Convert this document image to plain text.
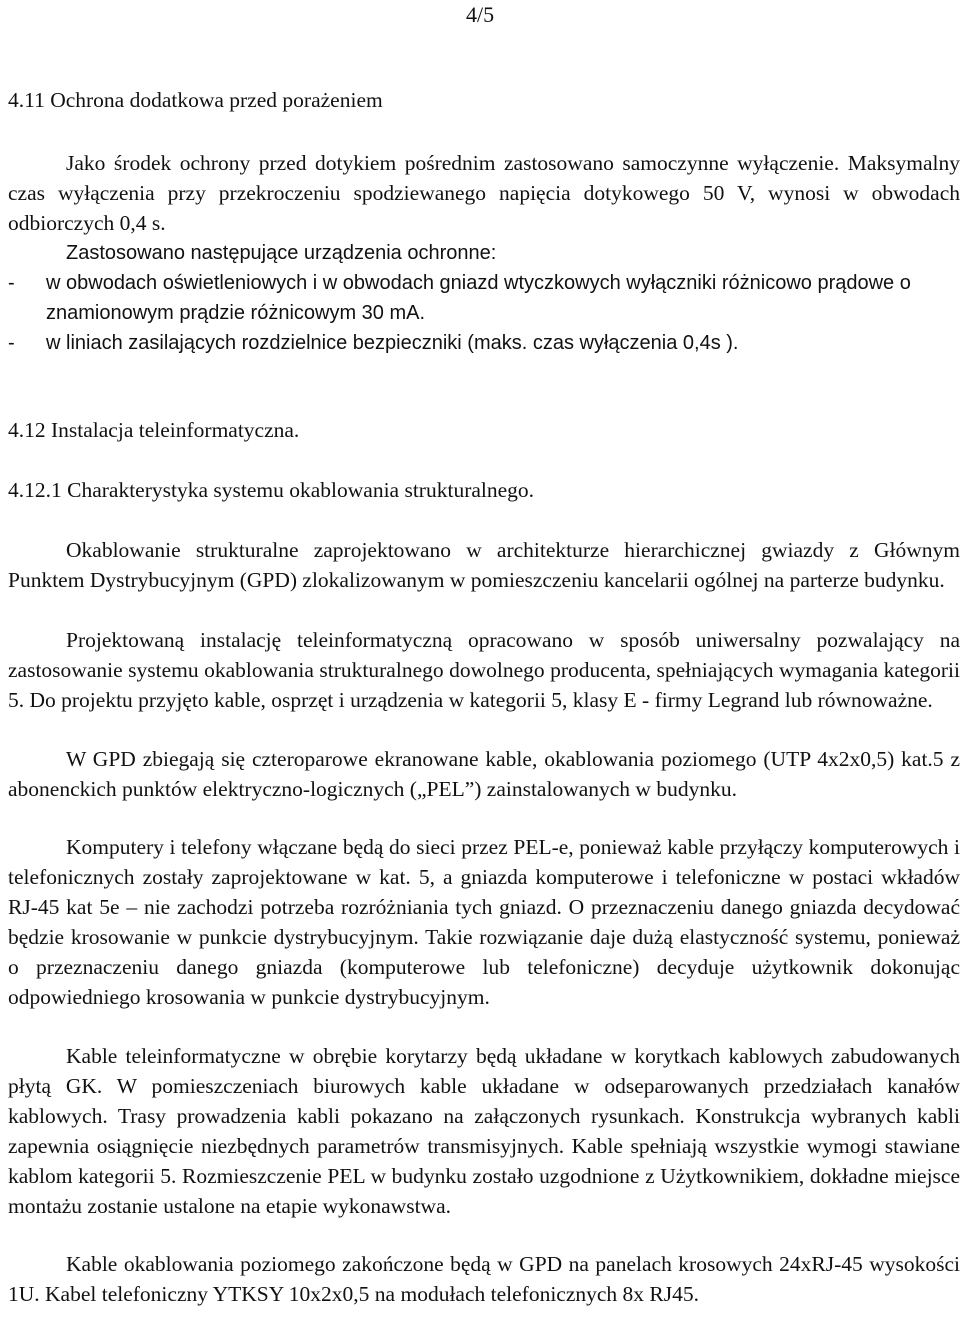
4/5
4.11 Ochrona dodatkowa przed porażeniem
Jako środek ochrony przed dotykiem pośrednim zastosowano samoczynne wyłączenie. Maksymalny czas wyłączenia przy przekroczeniu spodziewanego napięcia dotykowego 50 V, wynosi w obwodach odbiorczych 0,4 s.
Zastosowano następujące urządzenia ochronne:
- w obwodach oświetleniowych i w obwodach gniazd wtyczkowych wyłączniki różnicowo prądowe o znamionowym prądzie różnicowym 30 mA.
- w liniach zasilających rozdzielnice bezpieczniki (maks. czas wyłączenia 0,4s ).
4.12 Instalacja teleinformatyczna.
4.12.1 Charakterystyka systemu okablowania strukturalnego.
Okablowanie strukturalne zaprojektowano w architekturze hierarchicznej gwiazdy z Głównym Punktem Dystrybucyjnym (GPD) zlokalizowanym w pomieszczeniu kancelarii ogólnej na parterze budynku.
Projektowaną instalację teleinformatyczną opracowano w sposób uniwersalny pozwalający na zastosowanie systemu okablowania strukturalnego dowolnego producenta, spełniających wymagania kategorii 5. Do projektu przyjęto kable, osprzęt i urządzenia w kategorii 5, klasy E - firmy Legrand lub równoważne.
W GPD zbiegają się czteroparowe ekranowane kable, okablowania poziomego (UTP 4x2x0,5) kat.5 z abonenckich punktów elektryczno-logicznych („PEL”) zainstalowanych w budynku.
Komputery i telefony włączane będą do sieci przez PEL-e, ponieważ kable przyłączy komputerowych i telefonicznych zostały zaprojektowane w kat. 5, a gniazda komputerowe i telefoniczne w postaci wkładów RJ-45 kat 5e – nie zachodzi potrzeba rozróżniania tych gniazd. O przeznaczeniu danego gniazda decydować będzie krosowanie w punkcie dystrybucyjnym. Takie rozwiązanie daje dużą elastyczność systemu, ponieważ o przeznaczeniu danego gniazda (komputerowe lub telefoniczne) decyduje użytkownik dokonując odpowiedniego krosowania w punkcie dystrybucyjnym.
Kable teleinformatyczne w obrębie korytarzy będą układane w korytkach kablowych zabudowanych płytą GK. W pomieszczeniach biurowych kable układane w odseparowanych przedziałach kanałów kablowych. Trasy prowadzenia kabli pokazano na załączonych rysunkach. Konstrukcja wybranych kabli zapewnia osiągnięcie niezbędnych parametrów transmisyjnych. Kable spełniają wszystkie wymogi stawiane kablom kategorii 5. Rozmieszczenie PEL w budynku zostało uzgodnione z Użytkownikiem, dokładne miejsce montażu zostanie ustalone na etapie wykonawstwa.
Kable okablowania poziomego zakończone będą w GPD na panelach krosowych 24xRJ-45 wysokości 1U. Kabel telefoniczny YTKSY 10x2x0,5 na modułach telefonicznych 8x RJ45.
